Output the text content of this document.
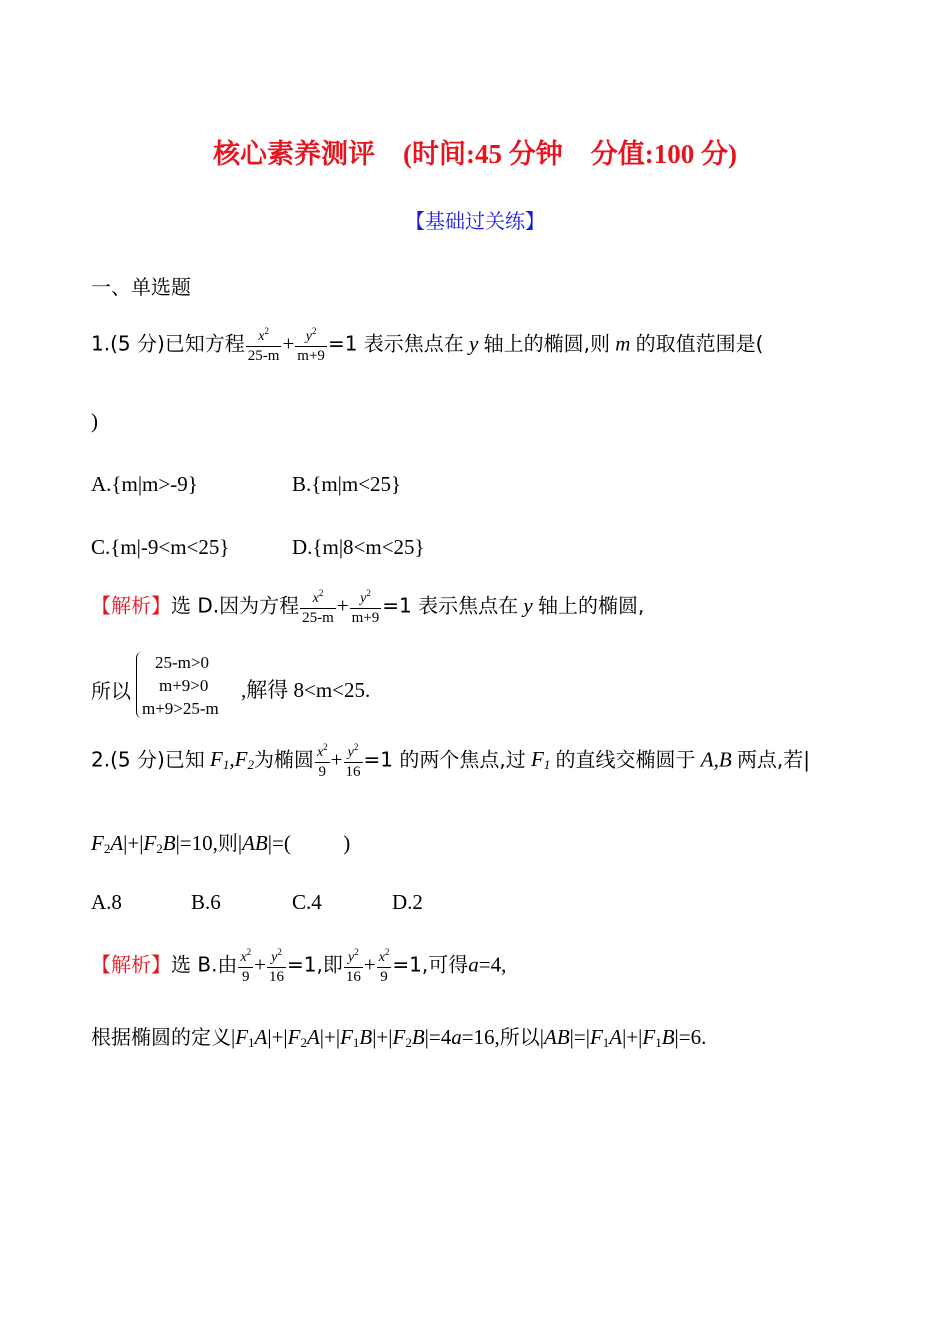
核心素养测评 (时间:45 分钟 分值:100 分)
【基础过关练】
一、单选题
1.(5 分)已知方程 $\frac{x^2}{25-m} + \frac{y^2}{m+9} =1$ 表示焦点在 y 轴上的椭圆,则 m 的取值范围是(
)
A.{m|m>-9}	B.{m|m<25}
C.{m|-9<m<25}	D.{m|8<m<25}
【解析】选 D.因为方程 $\frac{x^2}{25-m} + \frac{y^2}{m+9} =1$ 表示焦点在 y 轴上的椭圆,
所以
25-m>0
m+9>0
m+9>25-m
,解得 8<m<25.
2.(5 分)已知 $F_1,F_2$为椭圆 $\frac{x^2}{9} + \frac{y^2}{16} =1$ 的两个焦点,过 $F_1$ 的直线交椭圆于 A,B 两点,若|
$F_2A|+|F_2B|=10$,则|AB|=(          )
A.8	B.6	C.4	D.2
【解析】选 B.由 $\frac{x^2}{9} + \frac{y^2}{16} =1$,即 $\frac{y^2}{16} + \frac{x^2}{9} =1$,可得a=4,
根据椭圆的定义$|F_1A|+|F_2A|+|F_1B|+|F_2B|=4a=16$,所以$|AB|=|F_1A|+|F_1B|=6$.
